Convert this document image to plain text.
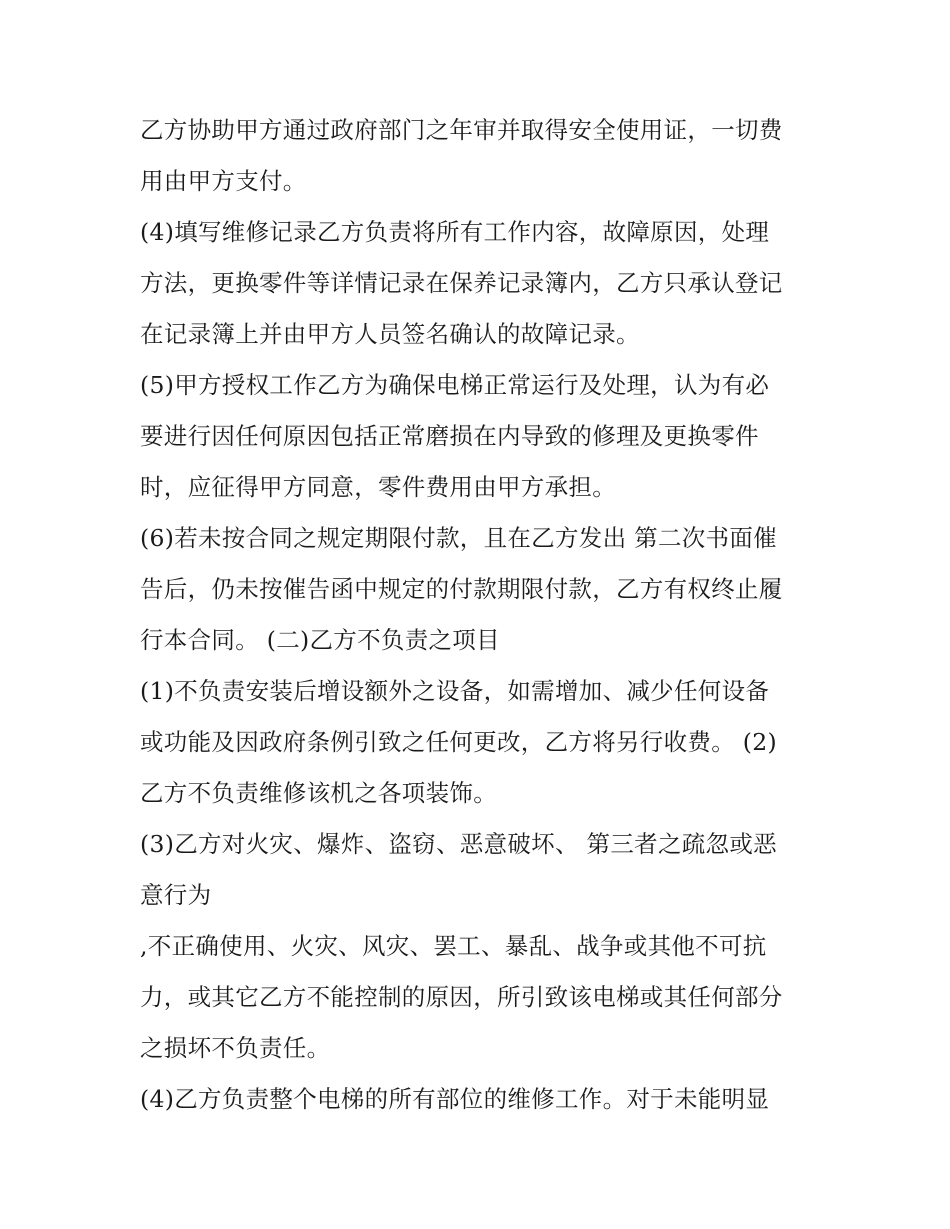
乙方协助甲方通过政府部门之年审并取得安全使用证，一切费
用由甲方支付。
(4)填写维修记录乙方负责将所有工作内容，故障原因，处理
方法，更换零件等详情记录在保养记录簿内，乙方只承认登记
在记录簿上并由甲方人员签名确认的故障记录。
(5)甲方授权工作乙方为确保电梯正常运行及处理，认为有必
要进行因任何原因包括正常磨损在内导致的修理及更换零件
时，应征得甲方同意，零件费用由甲方承担。
(6)若未按合同之规定期限付款，且在乙方发出 第二次书面催
告后，仍未按催告函中规定的付款期限付款，乙方有权终止履
行本合同。 (二)乙方不负责之项目
(1)不负责安装后增设额外之设备，如需增加、减少任何设备
或功能及因政府条例引致之任何更改，乙方将另行收费。 (2)
乙方不负责维修该机之各项装饰。
(3)乙方对火灾、爆炸、盗窃、恶意破坏、 第三者之疏忽或恶
意行为
,不正确使用、火灾、风灾、罢工、暴乱、战争或其他不可抗
力，或其它乙方不能控制的原因，所引致该电梯或其任何部分
之损坏不负责任。
(4)乙方负责整个电梯的所有部位的维修工作。对于未能明显
